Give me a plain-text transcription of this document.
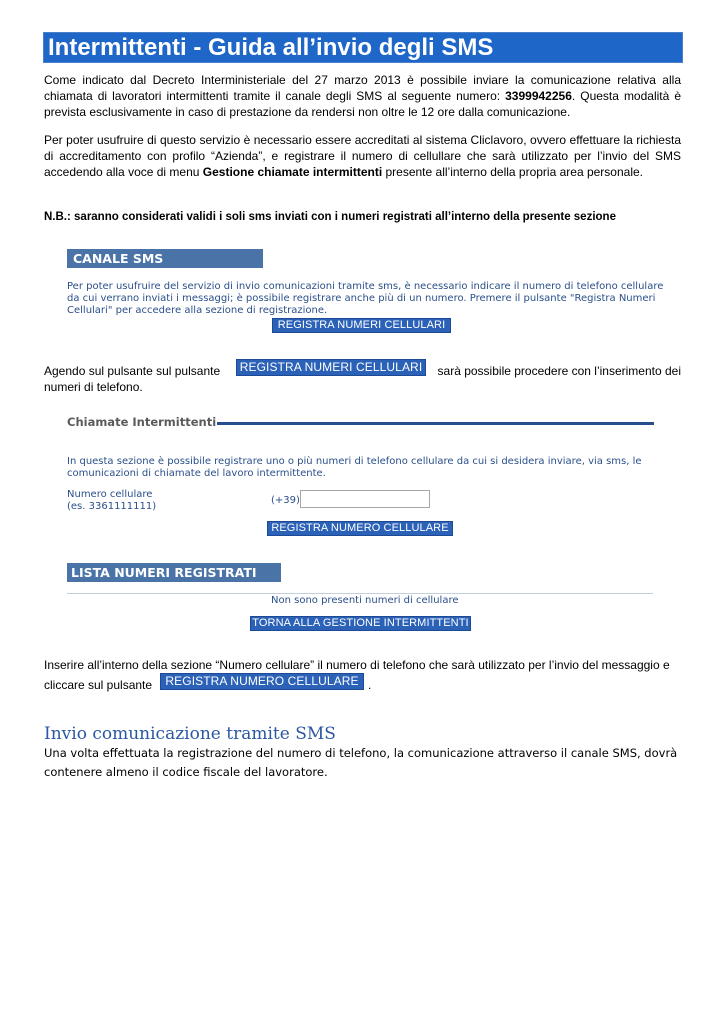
Intermittenti - Guida all’invio degli SMS

Come indicato dal Decreto Interministeriale del 27 marzo 2013 è possibile inviare la comunicazione relativa alla chiamata di lavoratori intermittenti tramite il canale degli SMS al seguente numero: 3399942256. Questa modalità è prevista esclusivamente in caso di prestazione da rendersi non oltre le 12 ore dalla comunicazione.

Per poter usufruire di questo servizio è necessario essere accreditati al sistema Cliclavoro, ovvero effettuare la richiesta di accreditamento con profilo “Azienda”, e registrare il numero di cellullare che sarà utilizzato per l’invio del SMS accedendo alla voce di menu Gestione chiamate intermittenti presente all’interno della propria area personale.

N.B.: saranno considerati validi i soli sms inviati con i numeri registrati all’interno della presente sezione

CANALE SMS

Per poter usufruire del servizio di invio comunicazioni tramite sms, è necessario indicare il numero di telefono cellulare

da cui verrano inviati i messaggi; è possibile registrare anche più di un numero. Premere il pulsante "Registra Numeri

Cellulari" per accedere alla sezione di registrazione.

REGISTRA NUMERI CELLULARI
Agendo sul pulsante sul pulsante	REGISTRA NUMERI CELLULARI	sarà possibile procedere con l’inserimento dei
numeri di telefono.
Chiamate Intermittenti

In questa sezione è possibile registrare uno o più numeri di telefono cellulare da cui si desidera inviare, via sms, le

comunicazioni di chiamate del lavoro intermittente.

Numero cellulare

(es. 3361111111)

(+39)

REGISTRA NUMERO CELLULARE
LISTA NUMERI REGISTRATI

Non sono presenti numeri di cellulare

TORNA ALLA GESTIONE INTERMITTENTI
Inserire all’interno della sezione “Numero cellulare” il numero di telefono che sarà utilizzato per l’invio del messaggio e
cliccare sul pulsante	REGISTRA NUMERO CELLULARE .
Invio comunicazione tramite SMS

Una volta effettuata la registrazione del numero di telefono, la comunicazione attraverso il canale SMS, dovrà

contenere almeno il codice fiscale del lavoratore.
